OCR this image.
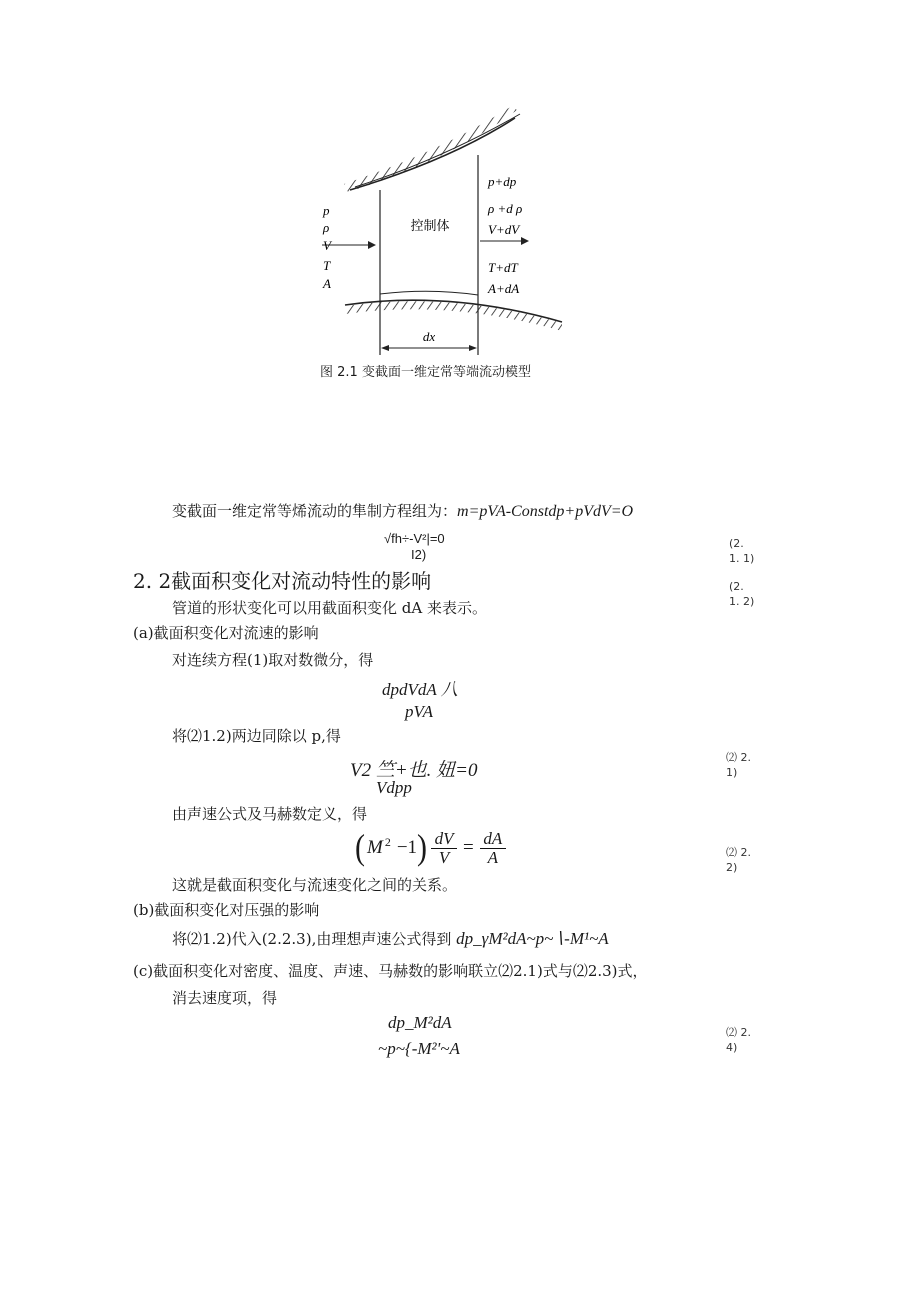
dx
控制体
p
ρ
V
T
A
p+dp
ρ +d ρ
V+dV
T+dT
A+dA
图 2.1 变截面一维定常等端流动模型
变截面一维定常等烯流动的隼制方程组为：m=pVA-Constdp+pVdV=O
√fh÷-V²|=0
I2)
(2.
1. 1)
2. 2截面积变化对流动特性的影响	(2.
1. 2)
管道的形状变化可以用截面积变化 dA 来表示。
(a)截面积变化对流速的影响
对连续方程(1)取对数微分，得
dpdVdA 八
pVA
将⑵1.2)两边同除以 p,得
V2 竺+也. 妞=0
Vdpp
⑵ 2.
1)
由声速公式及马赫数定义，得
( $M^2 -1$ ) dV
V = dA
A	⑵ 2.
2)
这就是截面积变化与流速变化之间的关系。
(b)截面积变化对压强的影响
将⑵1.2)代入(2.2.3),由理想声速公式得到 dp_γM²dA~p~∖-M¹~A
(c)截面积变化对密度、温度、声速、马赫数的影响联立⑵2.1)式与⑵2.3)式，
消去速度项，得
dp_M²dA
~p~{-M²'~A
⑵ 2.
4)
